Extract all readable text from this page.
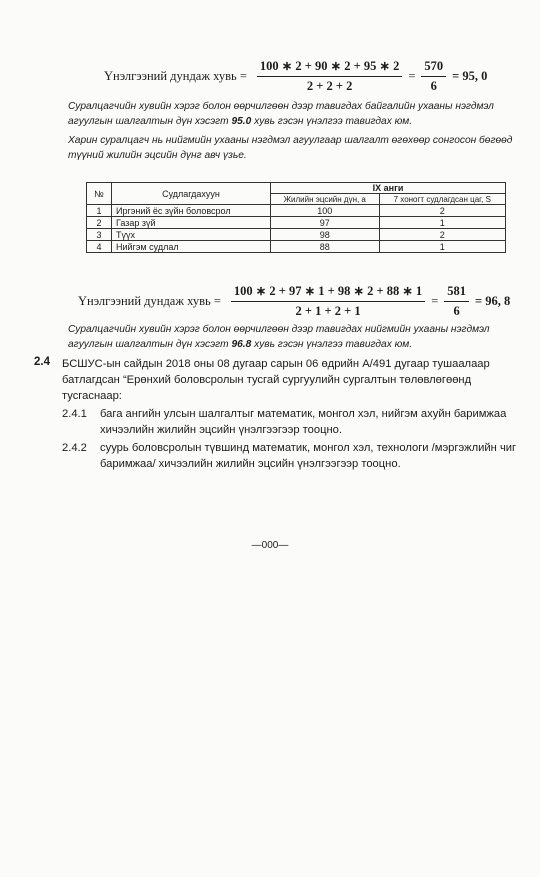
Үнэлгээний дундаж хувь = $\frac{100 ∗ 2 + 90 ∗ 2 + 95 ∗ 2}{2 + 2 + 2} = \frac{570}{6} = 95$, 0
Суралцагчийн хувийн хэрэг болон өөрчилгөөн дээр тавигдах байгалийн ухааны нэгдмэл агуулгын шалгалтын дүн хэсэгт 95.0 хувь гэсэн үнэлгээ тавигдах юм.
Харин суралцагч нь нийгмийн ухааны нэгдмэл агуулгаар шалгалт өгөхөөр сонгосон бөгөөд түүний жилийн эцсийн дүнг авч үзье.
№	Судлагдахуун	IX анги	
		Жилийн эцсийн дүн, а	7 хоногт судлагдсан цаг, S
1	Иргэний ёс зүйн боловсрол	100	2
2	Газар зүй	97	1
3	Түүх	98	2
4	Нийгэм судлал	88	1
Үнэлгээний дундаж хувь = $\frac{100 ∗ 2 + 97 ∗ 1 + 98 ∗ 2 + 88 ∗ 1}{2 + 1 + 2 + 1} = \frac{581}{6} = 96$, 8
Суралцагчийн хувийн хэрэг болон өөрчилгөөн дээр тавигдах нийгмийн ухааны нэгдмэл агуулгын шалгалтын дүн хэсэгт 96.8 хувь гэсэн үнэлгээ тавигдах юм.
2.4 БСШУС-ын сайдын 2018 оны 08 дугаар сарын 06 өдрийн А/491 дугаар тушаалаар батлагдсан “Ерөнхий боловсролын тусгай сургуулийн сургалтын төлөвлөгөөнд тусгаснаар:
2.4.1 бага ангийн улсын шалгалтыг математик, монгол хэл, нийгэм ахуйн баримжаа хичээлийн жилийн эцсийн үнэлгээгээр тооцно.
2.4.2 суурь боловсролын түвшинд математик, монгол хэл, технологи /мэргэжлийн чиг баримжаа/ хичээлийн жилийн эцсийн үнэлгээгээр тооцно.
—000—
